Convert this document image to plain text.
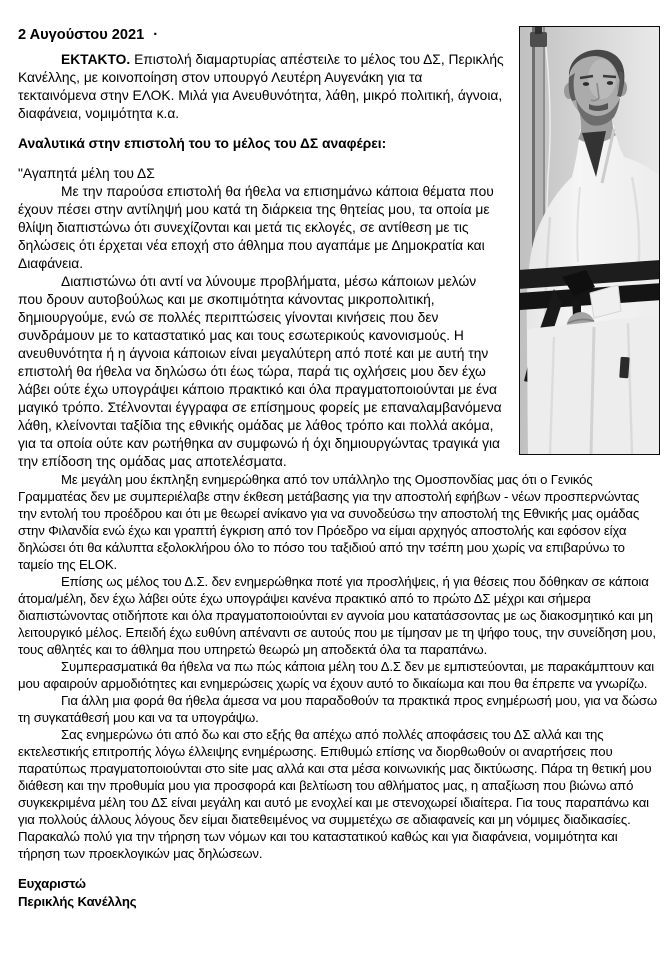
2 Αυγούστου 2021 ·

ΕΚΤΑΚΤΟ. Επιστολή διαμαρτυρίας απέστειλε το μέλος του ΔΣ, Περικλής Κανέλλης, με κοινοποίηση στον υπουργό Λευτέρη Αυγενάκη για τα τεκταινόμενα στην ΕΛΟΚ. Μιλά για Ανευθυνότητα, λάθη, μικρό πολιτική, άγνοια, διαφάνεια, νομιμότητα κ.α.

Αναλυτικά στην επιστολή του το μέλος του ΔΣ αναφέρει:

"Αγαπητά μέλη του ΔΣ

Με την παρούσα επιστολή θα ήθελα να επισημάνω κάποια θέματα που έχουν πέσει στην αντίληψή μου κατά τη διάρκεια της θητείας μου, τα οποία με θλίψη διαπιστώνω ότι συνεχίζονται και μετά τις εκλογές, σε αντίθεση με τις δηλώσεις ότι έρχεται νέα εποχή στο άθλημα που αγαπάμε με Δημοκρατία και Διαφάνεια.

Διαπιστώνω ότι αντί να λύνουμε προβλήματα, μέσω κάποιων μελών που δρουν αυτοβούλως και με σκοπιμότητα κάνοντας μικροπολιτική, δημιουργούμε, ενώ σε πολλές περιπτώσεις γίνονται κινήσεις που δεν συνδράμουν με το καταστατικό μας και τους εσωτερικούς κανονισμούς. Η ανευθυνότητα ή η άγνοια κάποιων είναι μεγαλύτερη από ποτέ και με αυτή την επιστολή θα ήθελα να δηλώσω ότι έως τώρα, παρά τις οχλήσεις μου δεν έχω λάβει ούτε έχω υπογράψει κάποιο πρακτικό και όλα πραγματοποιούνται με ένα μαγικό τρόπο. Στέλνονται έγγραφα σε επίσημους φορείς με επαναλαμβανόμενα λάθη, κλείνονται ταξίδια της εθνικής ομάδας με λάθος τρόπο και πολλά ακόμα, για τα οποία ούτε καν ρωτήθηκα αν συμφωνώ ή όχι δημιουργώντας τραγικά για την επίδοση της ομάδας μας αποτελέσματα.

Με μεγάλη μου έκπληξη ενημερώθηκα από τον υπάλληλο της Ομοσπονδίας μας ότι ο Γενικός Γραμματέας δεν με συμπεριέλαβε στην έκθεση μετάβασης για την αποστολή εφήβων - νέων προσπερνώντας την εντολή του προέδρου και ότι με θεωρεί ανίκανο για να συνοδεύσω την αποστολή της Εθνικής μας ομάδας στην Φιλανδία ενώ έχω και γραπτή έγκριση από τον Πρόεδρο να είμαι αρχηγός αποστολής και εφόσον είχα δηλώσει ότι θα κάλυπτα εξολοκλήρου όλο το πόσο του ταξιδιού από την τσέπη μου χωρίς να επιβαρύνω το ταμείο της ELOK.

Επίσης ως μέλος του Δ.Σ. δεν ενημερώθηκα ποτέ για προσλήψεις, ή για θέσεις που δόθηκαν σε κάποια άτομα/μέλη, δεν έχω λάβει ούτε έχω υπογράψει κανένα πρακτικό από το πρώτο ΔΣ μέχρι και σήμερα διαπιστώνοντας οτιδήποτε και όλα πραγματοποιούνται εν αγνοία μου κατατάσσοντας με ως διακοσμητικό και μη λειτουργικό μέλος. Επειδή έχω ευθύνη απέναντι σε αυτούς που με τίμησαν με τη ψήφο τους, την συνείδηση μου, τους αθλητές και το άθλημα που υπηρετώ θεωρώ μη αποδεκτά όλα τα παραπάνω.

Συμπερασματικά θα ήθελα να πω πώς κάποια μέλη του Δ.Σ δεν με εμπιστεύονται, με παρακάμπτουν και μου αφαιρούν αρμοδιότητες και ενημερώσεις χωρίς να έχουν αυτό το δικαίωμα και που θα έπρεπε να γνωρίζω.

Για άλλη μια φορά θα ήθελα άμεσα να μου παραδοθούν τα πρακτικά προς ενημέρωσή μου, για να δώσω τη συγκατάθεσή μου και να τα υπογράψω.

Σας ενημερώνω ότι από δω και στο εξής θα απέχω από πολλές αποφάσεις του ΔΣ αλλά και της εκτελεστικής επιτροπής λόγω έλλειψης ενημέρωσης. Επιθυμώ επίσης να διορθωθούν οι αναρτήσεις που παρατύπως πραγματοποιούνται στο site μας αλλά και στα μέσα κοινωνικής μας δικτύωσης. Πάρα τη θετική μου διάθεση και την προθυμία μου για προσφορά και βελτίωση του αθλήματος μας, η απαξίωση που βιώνω από συγκεκριμένα μέλη του ΔΣ είναι μεγάλη και αυτό με ενοχλεί και με στενοχωρεί ιδιαίτερα. Για τους παραπάνω και για πολλούς άλλους λόγους δεν είμαι διατεθειμένος να συμμετέχω σε αδιαφανείς και μη νόμιμες διαδικασίες.

Παρακαλώ πολύ για την τήρηση των νόμων και του καταστατικού καθώς και για διαφάνεια, νομιμότητα και τήρηση των προεκλογικών μας δηλώσεων.

Ευχαριστώ

Περικλής Κανέλλης
